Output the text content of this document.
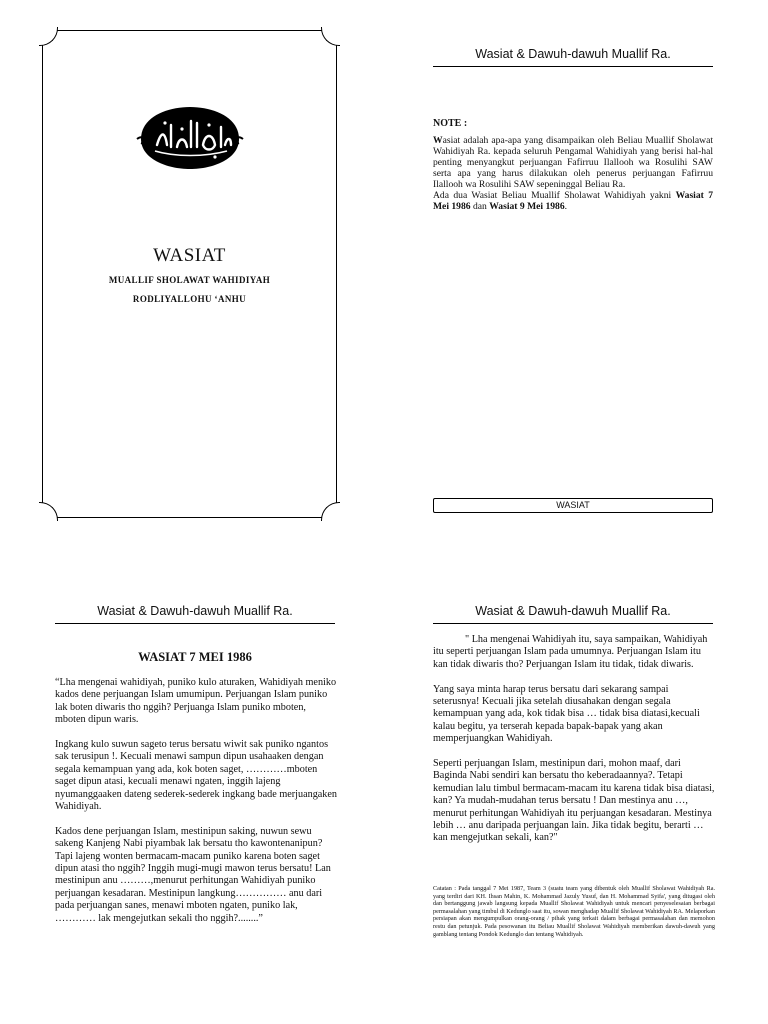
WASIAT
MUALLIF SHOLAWAT WAHIDIYAH
RODLIYALLOHU ‘ANHU
Wasiat & Dawuh-dawuh Muallif Ra.
NOTE :

Wasiat adalah apa-apa yang disampaikan oleh Beliau Muallif Sholawat Wahidiyah Ra. kepada seluruh Pengamal Wahidiyah yang berisi hal-hal penting menyangkut perjuangan Fafirruu Ilallooh wa Rosulihi SAW serta apa yang harus dilakukan oleh penerus perjuangan Fafirruu Ilallooh wa Rosulihi SAW sepeninggal Beliau Ra.

Ada dua Wasiat Beliau Muallif Sholawat Wahidiyah yakni Wasiat 7 Mei 1986 dan Wasiat 9 Mei 1986.

WASIAT
Wasiat & Dawuh-dawuh Muallif Ra.
WASIAT 7 MEI 1986

“Lha mengenai wahidiyah, puniko kulo aturaken, Wahidiyah meniko kados dene perjuangan Islam umumipun. Perjuangan Islam puniko lak boten diwaris tho nggih? Perjuanga Islam puniko mboten, mboten dipun waris.

Ingkang kulo suwun sageto terus bersatu wiwit sak puniko ngantos sak terusipun !. Kecuali menawi sampun dipun usahaaken dengan segala kemampuan yang ada, kok boten saget, …………mboten saget dipun atasi, kecuali menawi ngaten, inggih lajeng nyumanggaaken dateng sederek-sederek ingkang bade merjuangaken Wahidiyah.

Kados dene perjuangan Islam, mestinipun saking, nuwun sewu sakeng Kanjeng Nabi piyambak lak bersatu tho kawontenanipun? Tapi lajeng wonten bermacam-macam puniko karena boten saget dipun atasi tho nggih? Inggih mugi-mugi mawon terus bersatu! Lan mestinipun anu ………,menurut perhitungan Wahidiyah puniko perjuangan kesadaran. Mestinipun langkung…………… anu dari pada perjuangan sanes, menawi mboten ngaten, puniko lak, ………… lak mengejutkan sekali tho nggih?........”

Wasiat & Dawuh-dawuh Muallif Ra.

" Lha mengenai Wahidiyah itu, saya sampaikan, Wahidiyah itu seperti perjuangan Islam pada umumnya. Perjuangan Islam itu kan tidak diwaris tho? Perjuangan Islam itu tidak, tidak diwaris.

Yang saya minta harap terus bersatu dari sekarang sampai seterusnya! Kecuali jika setelah diusahakan dengan segala kemampuan yang ada, kok tidak bisa … tidak bisa diatasi,kecuali kalau begitu, ya terserah kepada bapak-bapak yang akan memperjuangkan Wahidiyah.

Seperti perjuangan Islam, mestinipun dari, mohon maaf, dari Baginda Nabi sendiri kan bersatu tho keberadaannya?. Tetapi kemudian lalu timbul bermacam-macam itu karena tidak bisa diatasi, kan? Ya mudah-mudahan terus bersatu ! Dan mestinya anu …, menurut perhitungan Wahidiyah itu perjuangan kesadaran. Mestinya lebih … anu daripada perjuangan lain. Jika tidak begitu, berarti … kan mengejutkan sekali, kan?"

Catatan : Pada tanggal 7 Mei 1987, Team 3 (suatu team yang dibentuk oleh Muallif Sholawat Wahidiyah Ra. yang terdiri dari KH. Ihsan Mahin, K. Mohammad Jazuly Yusuf, dan H. Mohammad Syifa', yang ditugasi oleh dan bertanggung jawab langsung kepada Muallif Sholawat Wahidiyah untuk mencari penyeselesaian berbagai permasalahan yang timbul di Kedunglo saat itu, sowan menghadap Muallif Sholawat Wahidiyah RA. Melaporkan persiapan akan mengumpulkan orang-orang / pihak yang terkait dalam berbagai permasalahan dan memohon restu dan petunjuk. Pada pesowanan itu Beliau Muallif Sholawat Wahidiyah memberikan dawuh-dawuh yang gamblang tentang Pondok Kedunglo dan tentang Wahidiyah.
